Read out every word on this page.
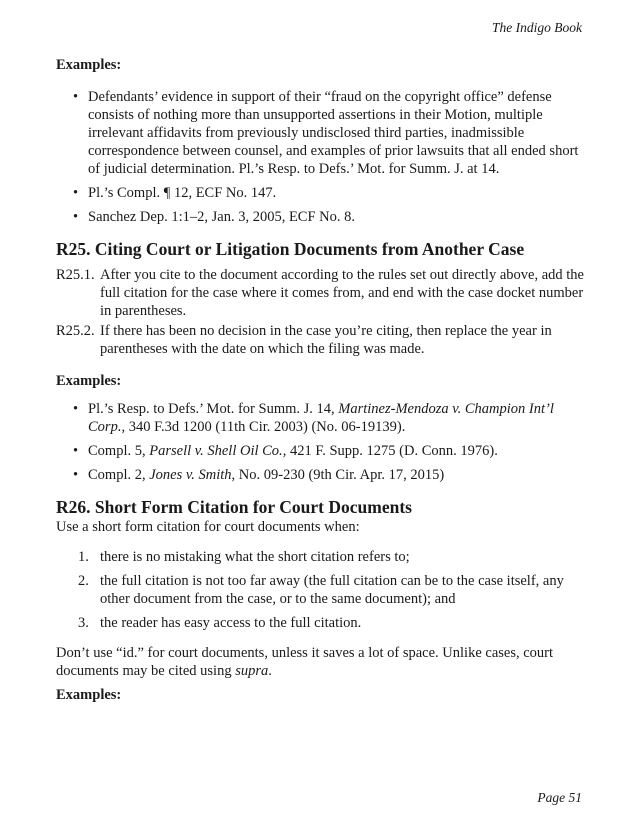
The Indigo Book

Examples:

• Defendants’ evidence in support of their “fraud on the copyright office” defense consists of nothing more than unsupported assertions in their Motion, multiple irrelevant affidavits from previously undisclosed third parties, inadmissible correspondence between counsel, and examples of prior lawsuits that all ended short of judicial determination. Pl.’s Resp. to Defs.’ Mot. for Summ. J. at 14.
• Pl.’s Compl. ¶ 12, ECF No. 147.
• Sanchez Dep. 1:1–2, Jan. 3, 2005, ECF No. 8.
R25. Citing Court or Litigation Documents from Another Case
R25.1. After you cite to the document according to the rules set out directly above, add the full citation for the case where it comes from, and end with the case docket number in parentheses.
R25.2. If there has been no decision in the case you’re citing, then replace the year in parentheses with the date on which the filing was made.

Examples:

• Pl.’s Resp. to Defs.’ Mot. for Summ. J. 14, Martinez-Mendoza v. Champion Int’l Corp., 340 F.3d 1200 (11th Cir. 2003) (No. 06-19139).
• Compl. 5, Parsell v. Shell Oil Co., 421 F. Supp. 1275 (D. Conn. 1976).
• Compl. 2, Jones v. Smith, No. 09-230 (9th Cir. Apr. 17, 2015)
R26. Short Form Citation for Court Documents

Use a short form citation for court documents when:

1. there is no mistaking what the short citation refers to;
2. the full citation is not too far away (the full citation can be to the case itself, any other document from the case, or to the same document); and
3. the reader has easy access to the full citation.

Don’t use “id.” for court documents, unless it saves a lot of space. Unlike cases, court documents may be cited using supra.

Examples:

Page 51
